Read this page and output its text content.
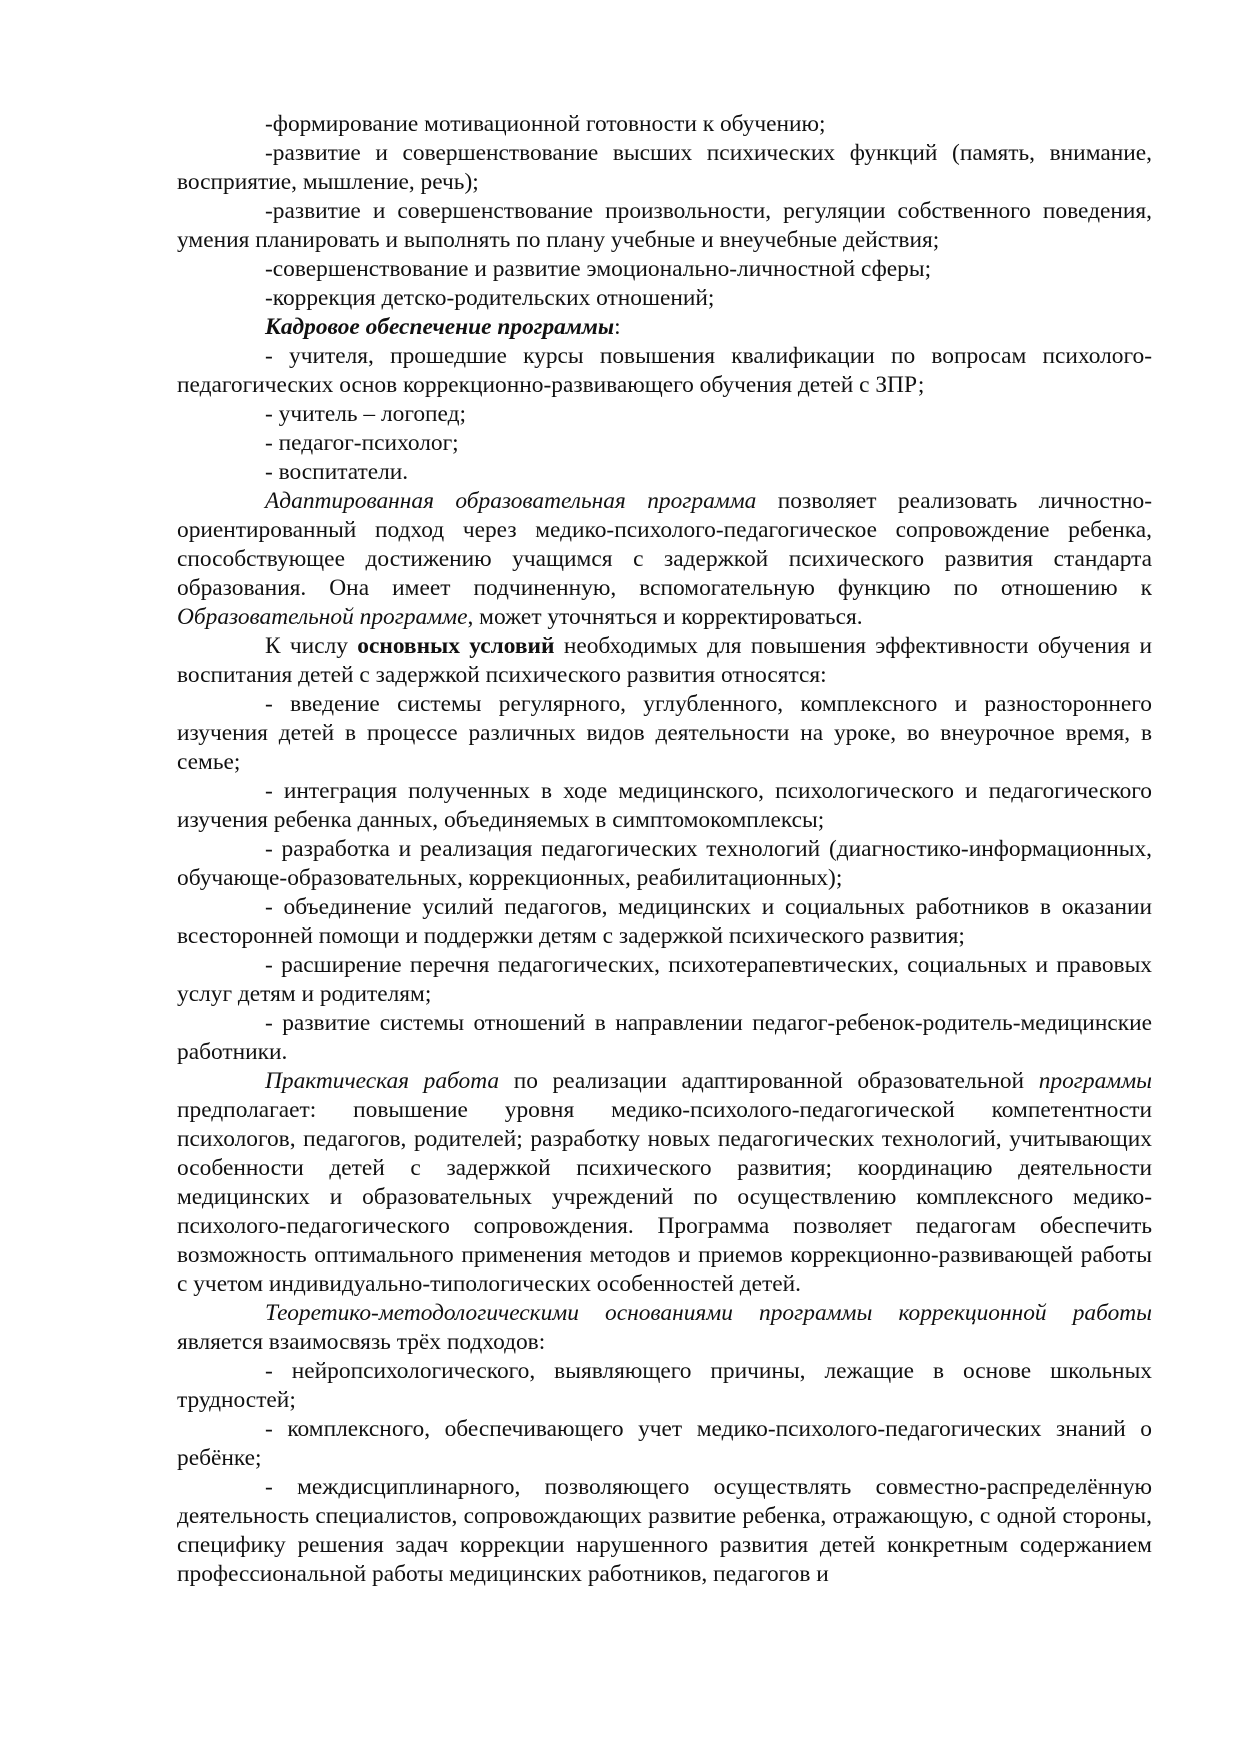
-формирование мотивационной готовности к обучению;

-развитие и совершенствование высших психических функций (память, внимание, восприятие, мышление, речь);

-развитие и совершенствование произвольности, регуляции собственного поведения, умения планировать и выполнять по плану учебные и внеучебные действия;

-совершенствование и развитие эмоционально-личностной сферы;

-коррекция детско-родительских отношений;

Кадровое обеспечение программы:

- учителя, прошедшие курсы повышения квалификации по вопросам психолого-педагогических основ коррекционно-развивающего обучения детей с ЗПР;

- учитель – логопед;

- педагог-психолог;

- воспитатели.

Адаптированная образовательная программа позволяет реализовать личностно-ориентированный подход через медико-психолого-педагогическое сопровождение ребенка, способствующее достижению учащимся с задержкой психического развития стандарта образования. Она имеет подчиненную, вспомогательную функцию по отношению к Образовательной программе, может уточняться и корректироваться.

К числу основных условий необходимых для повышения эффективности обучения и воспитания детей с задержкой психического развития относятся:

- введение системы регулярного, углубленного, комплексного и разностороннего изучения детей в процессе различных видов деятельности на уроке, во внеурочное время, в семье;

- интеграция полученных в ходе медицинского, психологического и педагогического изучения ребенка данных, объединяемых в симптомокомплексы;

- разработка и реализация педагогических технологий (диагностико-информационных, обучающе-образовательных, коррекционных, реабилитационных);

- объединение усилий педагогов, медицинских и социальных работников в оказании всесторонней помощи и поддержки детям с задержкой психического развития;

- расширение перечня педагогических, психотерапевтических, социальных и правовых услуг детям и родителям;

- развитие системы отношений в направлении педагог-ребенок-родитель-медицинские работники.

Практическая работа по реализации адаптированной образовательной программы предполагает: повышение уровня медико-психолого-педагогической компетентности психологов, педагогов, родителей; разработку новых педагогических технологий, учитывающих особенности детей с задержкой психического развития; координацию деятельности медицинских и образовательных учреждений по осуществлению комплексного медико-психолого-педагогического сопровождения. Программа позволяет педагогам обеспечить возможность оптимального применения методов и приемов коррекционно-развивающей работы с учетом индивидуально-типологических особенностей детей.

Теоретико-методологическими основаниями программы коррекционной работы является взаимосвязь трёх подходов:

- нейропсихологического, выявляющего причины, лежащие в основе школьных трудностей;

- комплексного, обеспечивающего учет медико-психолого-педагогических знаний о ребёнке;

- междисциплинарного, позволяющего осуществлять совместно-распределённую деятельность специалистов, сопровождающих развитие ребенка, отражающую, с одной стороны, специфику решения задач коррекции нарушенного развития детей конкретным содержанием профессиональной работы медицинских работников, педагогов и
